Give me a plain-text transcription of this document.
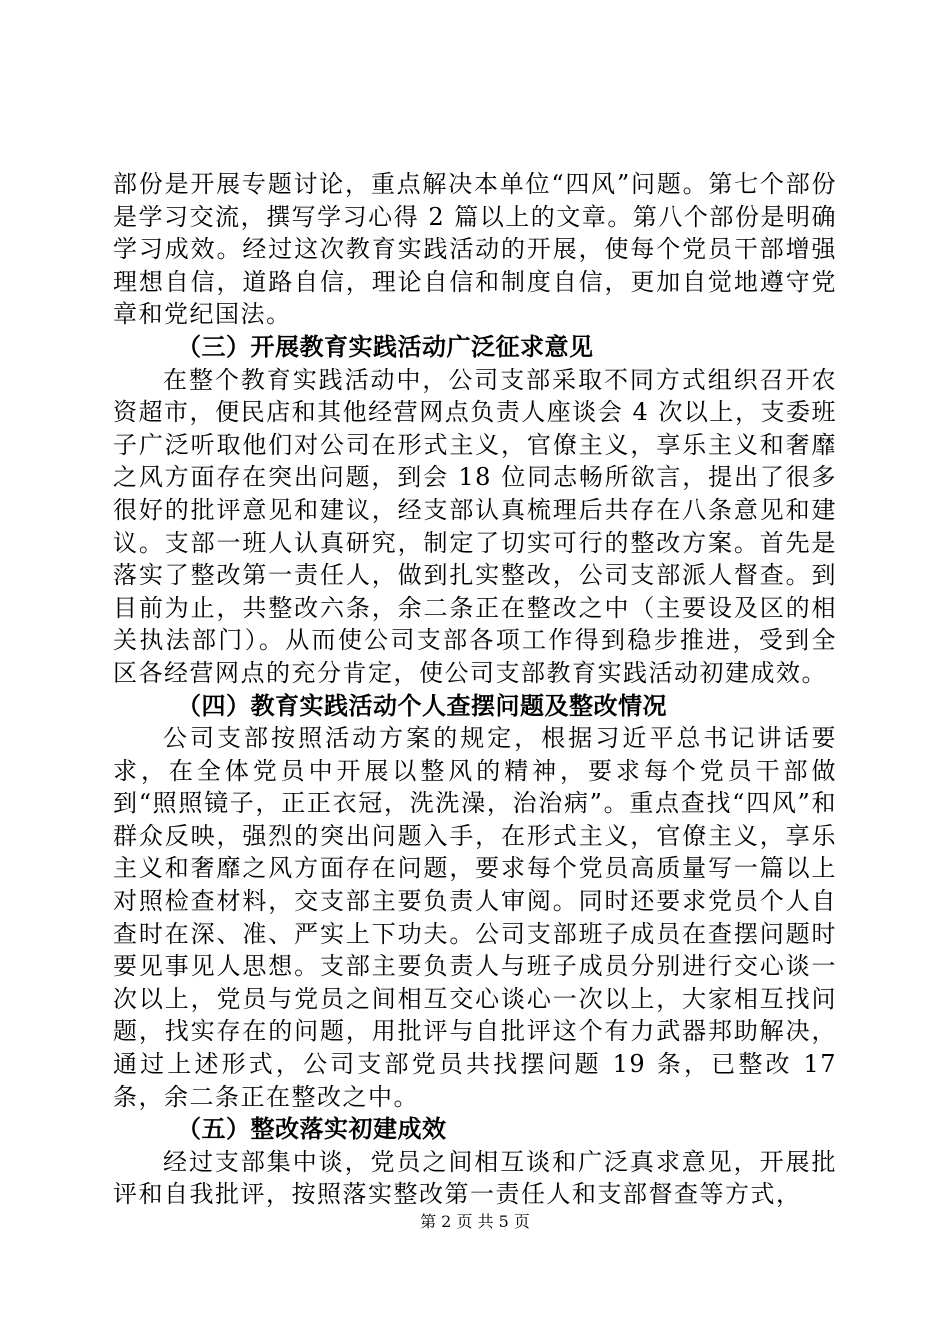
部份是开展专题讨论，重点解决本单位“四风”问题。第七个部份是学习交流，撰写学习心得 2 篇以上的文章。第八个部份是明确学习成效。经过这次教育实践活动的开展，使每个党员干部增强理想自信，道路自信，理论自信和制度自信，更加自觉地遵守党章和党纪国法。

（三）开展教育实践活动广泛征求意见

在整个教育实践活动中，公司支部采取不同方式组织召开农资超市，便民店和其他经营网点负责人座谈会 4 次以上，支委班子广泛听取他们对公司在形式主义，官僚主义，享乐主义和奢靡之风方面存在突出问题，到会 18 位同志畅所欲言，提出了很多很好的批评意见和建议，经支部认真梳理后共存在八条意见和建议。支部一班人认真研究，制定了切实可行的整改方案。首先是落实了整改第一责任人，做到扎实整改，公司支部派人督查。到目前为止，共整改六条，余二条正在整改之中（主要设及区的相关执法部门）。从而使公司支部各项工作得到稳步推进，受到全区各经营网点的充分肯定，使公司支部教育实践活动初建成效。

（四）教育实践活动个人查摆问题及整改情况

公司支部按照活动方案的规定，根据习近平总书记讲话要求，在全体党员中开展以整风的精神，要求每个党员干部做到“照照镜子，正正衣冠，洗洗澡，治治病”。重点查找“四风”和群众反映，强烈的突出问题入手，在形式主义，官僚主义，享乐主义和奢靡之风方面存在问题，要求每个党员高质量写一篇以上对照检查材料，交支部主要负责人审阅。同时还要求党员个人自查时在深、准、严实上下功夫。公司支部班子成员在查摆问题时要见事见人思想。支部主要负责人与班子成员分别进行交心谈一次以上，党员与党员之间相互交心谈心一次以上，大家相互找问题，找实存在的问题，用批评与自批评这个有力武器邦助解决，通过上述形式，公司支部党员共找摆问题 19 条，已整改 17 条，余二条正在整改之中。

（五）整改落实初建成效

经过支部集中谈，党员之间相互谈和广泛真求意见，开展批评和自我批评，按照落实整改第一责任人和支部督查等方式，

第 2 页 共 5 页
